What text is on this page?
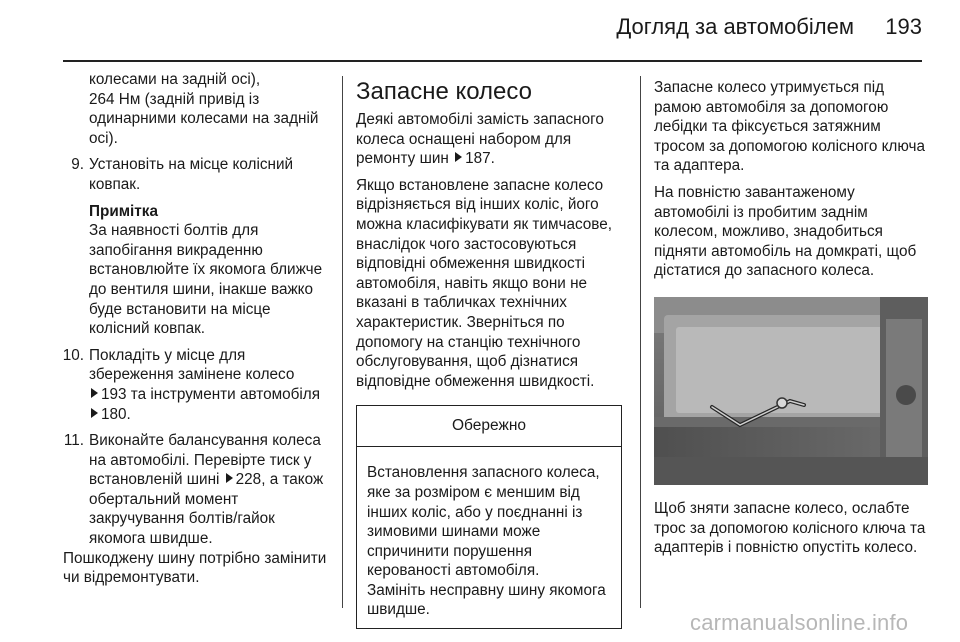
Догляд за автомобілем 193

колесами на задній осі),

264 Нм (задній привід із одинарними колесами на задній осі).

9. Установіть на місце колісний ковпак.
Примітка
За наявності болтів для запобігання викраденню встановлюйте їх якомога ближче до вентиля шини, інакше важко буде встановити на місце колісний ковпак.
10. Покладіть у місце для збереження замінене колесо
193 та інструменти автомобіля 180.
11. Виконайте балансування колеса на автомобілі. Перевірте тиск у встановленій шині 228, а також обертальний момент закручування болтів/гайок якомога швидше.

Пошкоджену шину потрібно замінити чи відремонтувати.

Запасне колесо

Деякі автомобілі замість запасного колеса оснащені набором для ремонту шин 187.

Якщо встановлене запасне колесо відрізняється від інших коліс, його можна класифікувати як тимчасове, внаслідок чого застосовуються відповідні обмеження швидкості автомобіля, навіть якщо вони не вказані в табличках технічних характеристик. Зверніться по допомогу на станцію технічного обслуговування, щоб дізнатися відповідне обмеження швидкості.

Обережно

Встановлення запасного колеса, яке за розміром є меншим від інших коліс, або у поєднанні із зимовими шинами може спричинити порушення керованості автомобіля.

Замініть несправну шину якомога швидше.

Запасне колесо утримується під рамою автомобіля за допомогою лебідки та фіксується затяжним тросом за допомогою колісного ключа та адаптера.

На повністю завантаженому автомобілі із пробитим заднім колесом, можливо, знадобиться підняти автомобіль на домкраті, щоб дістатися до запасного колеса.

Щоб зняти запасне колесо, ослабте трос за допомогою колісного ключа та адаптерів і повністю опустіть колесо.

carmanualsonline.info
